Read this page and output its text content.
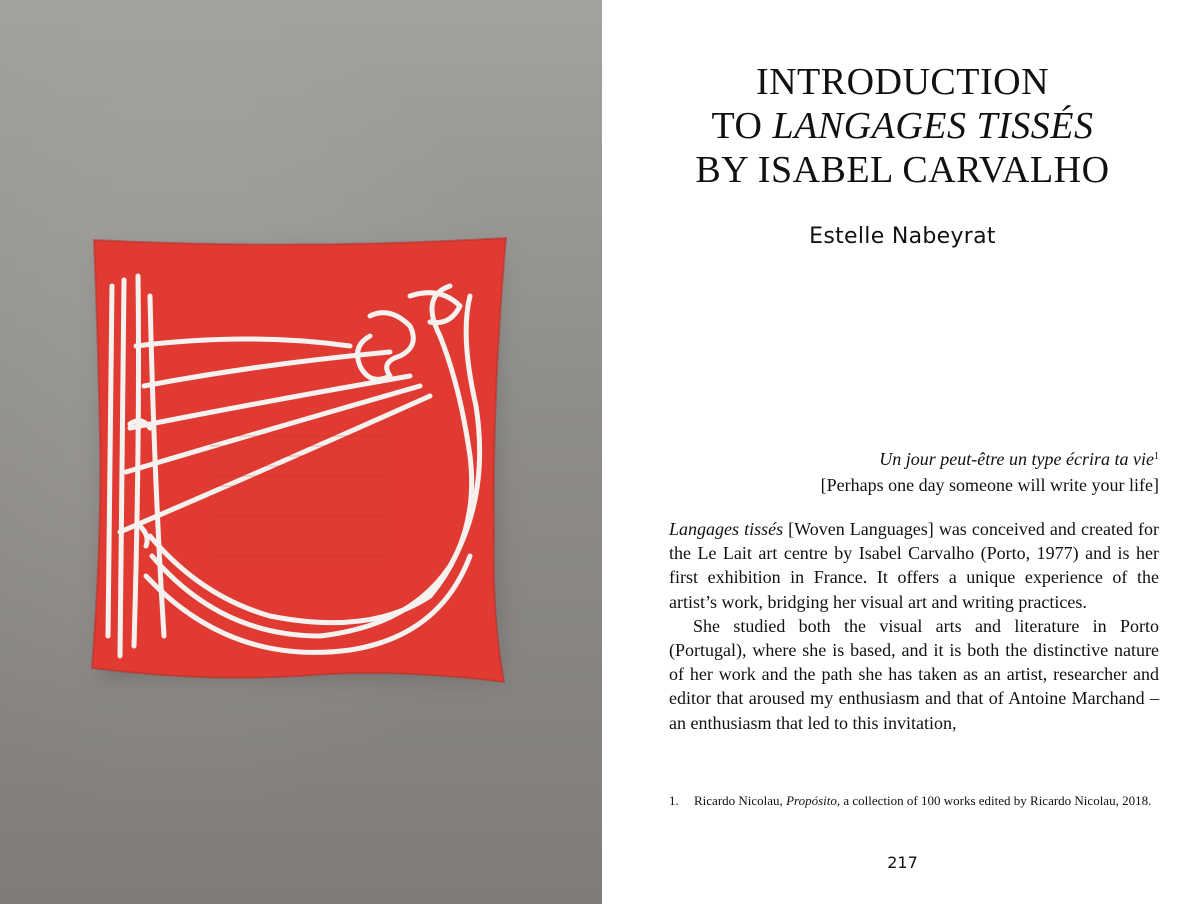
INTRODUCTION
TO LANGAGES TISSÉS
BY ISABEL CARVALHO
Estelle Nabeyrat
Un jour peut-être un type écrira ta vie$^1$
[Perhaps one day someone will write your life]

Langages tissés [Woven Languages] was conceived and created for the Le Lait art centre by Isabel Carvalho (Porto, 1977) and is her first exhibition in France. It offers a unique experience of the artist’s work, bridging her visual art and writing practices.

She studied both the visual arts and literature in Porto (Portugal), where she is based, and it is both the distinctive nature of her work and the path she has taken as an artist, researcher and editor that aroused my enthusiasm and that of Antoine Marchand – an enthusiasm that led to this invitation,

1. Ricardo Nicolau, Propósito, a collection of 100 works edited by Ricardo Nicolau, 2018.
217
